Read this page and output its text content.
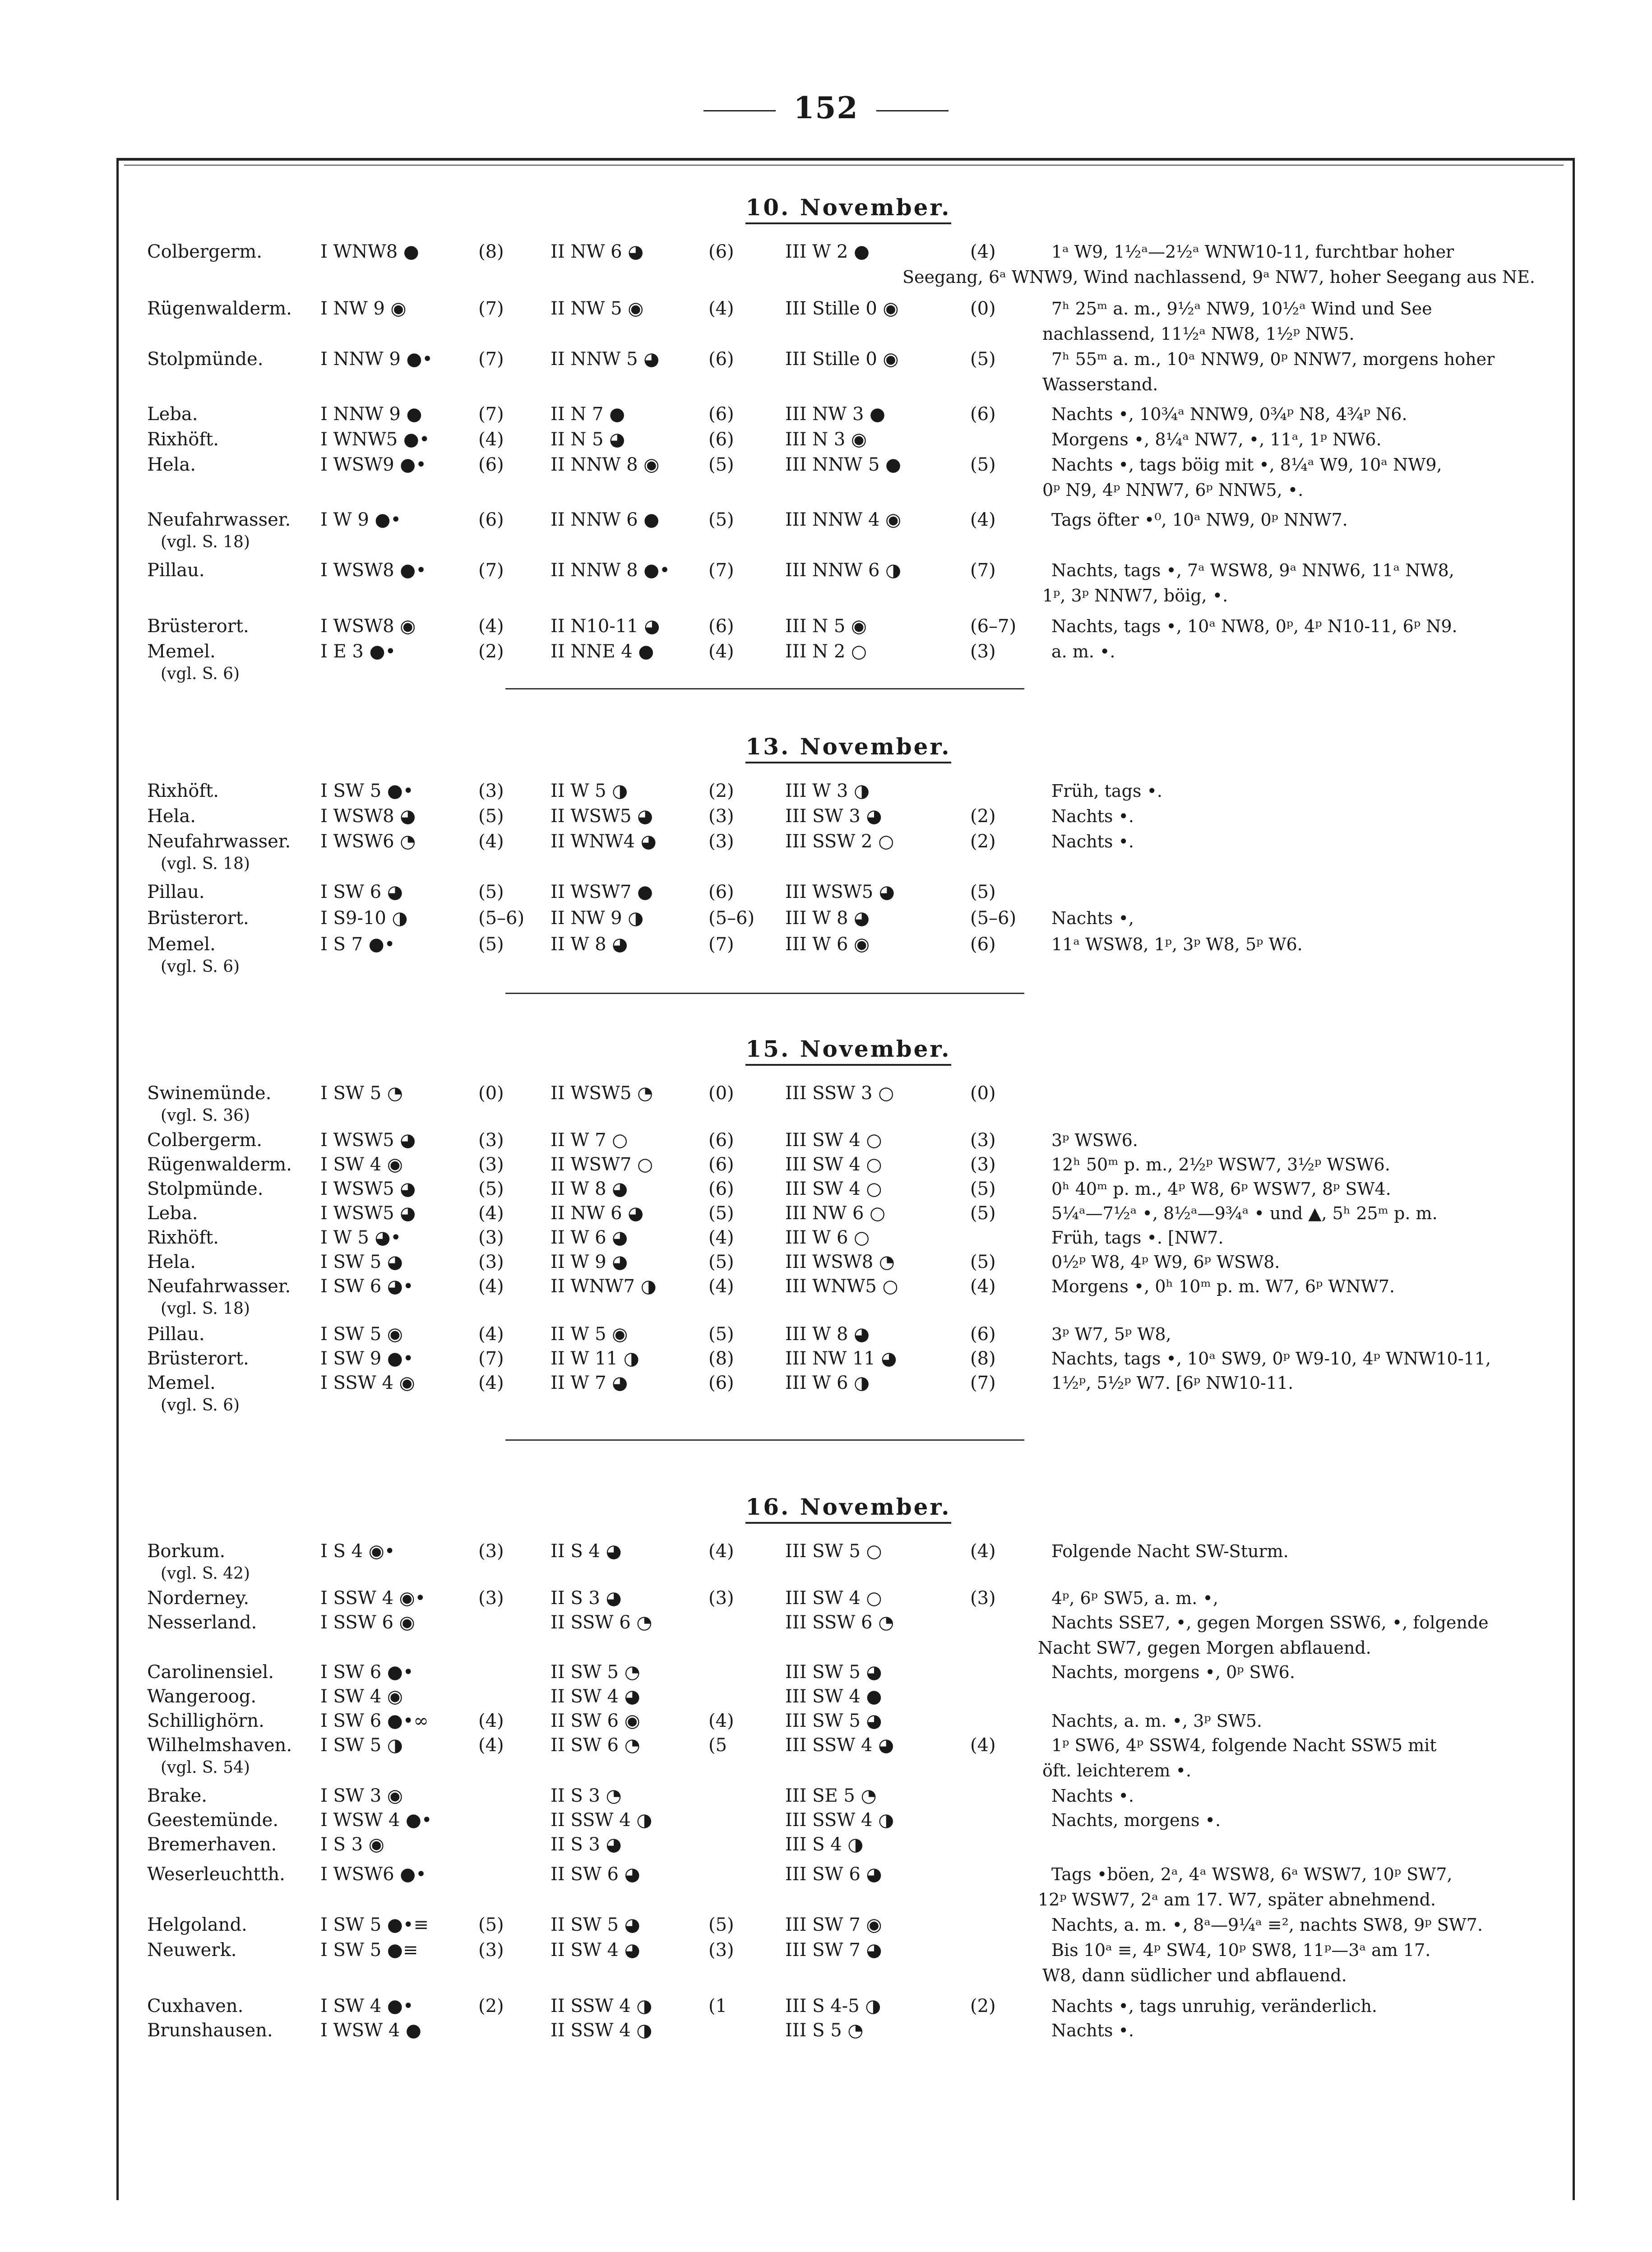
152
10. November.
Colbergerm.	I WNW8 ●	(8)	II NW 6 ◕	(6)	III W 2 ●	(4)	1ᵃ W9, 1½ᵃ—2½ᵃ WNW10-11, furchtbar hoher
Seegang, 6ᵃ WNW9, Wind nachlassend, 9ᵃ NW7, hoher Seegang aus NE.
Rügenwalderm.	I NW 9 ◉	(7)	II NW 5 ◉	(4)	III Stille 0 ◉	(0)	7ʰ 25ᵐ a. m., 9½ᵃ NW9, 10½ᵃ Wind und See
nachlassend, 11½ᵃ NW8, 1½ᵖ NW5.
Stolpmünde.	I NNW 9 ●•	(7)	II NNW 5 ◕	(6)	III Stille 0 ◉	(5)	7ʰ 55ᵐ a. m., 10ᵃ NNW9, 0ᵖ NNW7, morgens hoher
Wasserstand.
Leba.	I NNW 9 ●	(7)	II N 7 ●	(6)	III NW 3 ●	(6)	Nachts •, 10¾ᵃ NNW9, 0¾ᵖ N8, 4¾ᵖ N6.
Rixhöft.	I WNW5 ●•	(4)	II N 5 ◕	(6)	III N 3 ◉	Morgens •, 8¼ᵃ NW7, •, 11ᵃ, 1ᵖ NW6.
Hela.	I WSW9 ●•	(6)	II NNW 8 ◉	(5)	III NNW 5 ●	(5)	Nachts •, tags böig mit •, 8¼ᵃ W9, 10ᵃ NW9,
0ᵖ N9, 4ᵖ NNW7, 6ᵖ NNW5, •.
Neufahrwasser.
(vgl. S. 18)
I W 9 ●•	(6)	II NNW 6 ●	(5)	III NNW 4 ◉	(4)	Tags öfter •⁰, 10ᵃ NW9, 0ᵖ NNW7.
Pillau.	I WSW8 ●•	(7)	II NNW 8 ●•	(7)	III NNW 6 ◑	(7)	Nachts, tags •, 7ᵃ WSW8, 9ᵃ NNW6, 11ᵃ NW8,
1ᵖ, 3ᵖ NNW7, böig, •.
Brüsterort.	I WSW8 ◉	(4)	II N10-11 ◕	(6)	III N 5 ◉	(6–7)	Nachts, tags •, 10ᵃ NW8, 0ᵖ, 4ᵖ N10-11, 6ᵖ N9.
Memel.
(vgl. S. 6)
I E 3 ●•	(2)	II NNE 4 ●	(4)	III N 2 ○	(3)	a. m. •.
13. November.
Rixhöft.	I SW 5 ●•	(3)	II W 5 ◑	(2)	III W 3 ◑	Früh, tags •.
Hela.	I WSW8 ◕	(5)	II WSW5 ◕	(3)	III SW 3 ◕	(2)	Nachts •.
Neufahrwasser.
(vgl. S. 18)
I WSW6 ◔	(4)	II WNW4 ◕	(3)	III SSW 2 ○	(2)	Nachts •.
Pillau.	I SW 6 ◕	(5)	II WSW7 ●	(6)	III WSW5 ◕	(5)
Brüsterort.	I S9-10 ◑	(5–6)	II NW 9 ◑	(5–6)	III W 8 ◕	(5–6)	Nachts •,
Memel.
(vgl. S. 6)
I S 7 ●•	(5)	II W 8 ◕	(7)	III W 6 ◉	(6)	11ᵃ WSW8, 1ᵖ, 3ᵖ W8, 5ᵖ W6.
15. November.
Swinemünde.
(vgl. S. 36)
I SW 5 ◔	(0)	II WSW5 ◔	(0)	III SSW 3 ○	(0)
Colbergerm.	I WSW5 ◕	(3)	II W 7 ○	(6)	III SW 4 ○	(3)	3ᵖ WSW6.
Rügenwalderm.	I SW 4 ◉	(3)	II WSW7 ○	(6)	III SW 4 ○	(3)	12ʰ 50ᵐ p. m., 2½ᵖ WSW7, 3½ᵖ WSW6.
Stolpmünde.	I WSW5 ◕	(5)	II W 8 ◕	(6)	III SW 4 ○	(5)	0ʰ 40ᵐ p. m., 4ᵖ W8, 6ᵖ WSW7, 8ᵖ SW4.
Leba.	I WSW5 ◕	(4)	II NW 6 ◕	(5)	III NW 6 ○	(5)	5¼ᵃ—7½ᵃ •, 8½ᵃ—9¾ᵃ • und ▲, 5ʰ 25ᵐ p. m.
Rixhöft.	I W 5 ◕•	(3)	II W 6 ◕	(4)	III W 6 ○	Früh, tags •. [NW7.
Hela.	I SW 5 ◕	(3)	II W 9 ◕	(5)	III WSW8 ◔	(5)	0½ᵖ W8, 4ᵖ W9, 6ᵖ WSW8.
Neufahrwasser.
(vgl. S. 18)
I SW 6 ◕•	(4)	II WNW7 ◑	(4)	III WNW5 ○	(4)	Morgens •, 0ʰ 10ᵐ p. m. W7, 6ᵖ WNW7.
Pillau.	I SW 5 ◉	(4)	II W 5 ◉	(5)	III W 8 ◕	(6)	3ᵖ W7, 5ᵖ W8,
Brüsterort.	I SW 9 ●•	(7)	II W 11 ◑	(8)	III NW 11 ◕	(8)	Nachts, tags •, 10ᵃ SW9, 0ᵖ W9-10, 4ᵖ WNW10-11,
Memel.
(vgl. S. 6)
I SSW 4 ◉	(4)	II W 7 ◕	(6)	III W 6 ◑	(7)	1½ᵖ, 5½ᵖ W7. [6ᵖ NW10-11.
16. November.
Borkum.
(vgl. S. 42)
I S 4 ◉•	(3)	II S 4 ◕	(4)	III SW 5 ○	(4)	Folgende Nacht SW-Sturm.
Norderney.	I SSW 4 ◉•	(3)	II S 3 ◕	(3)	III SW 4 ○	(3)	4ᵖ, 6ᵖ SW5, a. m. •,
Nesserland.	I SSW 6 ◉	II SSW 6 ◔	III SSW 6 ◔	Nachts SSE7, •, gegen Morgen SSW6, •, folgende
Nacht SW7, gegen Morgen abflauend.
Carolinensiel.	I SW 6 ●•	II SW 5 ◔	III SW 5 ◕	Nachts, morgens •, 0ᵖ SW6.
Wangeroog.	I SW 4 ◉	II SW 4 ◕	III SW 4 ●
Schillighörn.	I SW 6 ●•∞	(4)	II SW 6 ◉	(4)	III SW 5 ◕	Nachts, a. m. •, 3ᵖ SW5.
Wilhelmshaven.
(vgl. S. 54)
I SW 5 ◑	(4)	II SW 6 ◔	(5	III SSW 4 ◕	(4)	1ᵖ SW6, 4ᵖ SSW4, folgende Nacht SSW5 mit
öft. leichterem •.
Brake.	I SW 3 ◉	II S 3 ◔	III SE 5 ◔	Nachts •.
Geestemünde.	I WSW 4 ●•	II SSW 4 ◑	III SSW 4 ◑	Nachts, morgens •.
Bremerhaven.	I S 3 ◉	II S 3 ◕	III S 4 ◑
Weserleuchtth.	I WSW6 ●•	II SW 6 ◕	III SW 6 ◕	Tags •böen, 2ᵃ, 4ᵃ WSW8, 6ᵃ WSW7, 10ᵖ SW7,
12ᵖ WSW7, 2ᵃ am 17. W7, später abnehmend.
Helgoland.	I SW 5 ●•≡	(5)	II SW 5 ◕	(5)	III SW 7 ◉	Nachts, a. m. •, 8ᵃ—9¼ᵃ ≡², nachts SW8, 9ᵖ SW7.
Neuwerk.	I SW 5 ●≡	(3)	II SW 4 ◕	(3)	III SW 7 ◕	Bis 10ᵃ ≡, 4ᵖ SW4, 10ᵖ SW8, 11ᵖ—3ᵃ am 17.
W8, dann südlicher und abflauend.
Cuxhaven.	I SW 4 ●•	(2)	II SSW 4 ◑	(1	III S 4-5 ◑	(2)	Nachts •, tags unruhig, veränderlich.
Brunshausen.	I WSW 4 ●	II SSW 4 ◑	III S 5 ◔	Nachts •.
